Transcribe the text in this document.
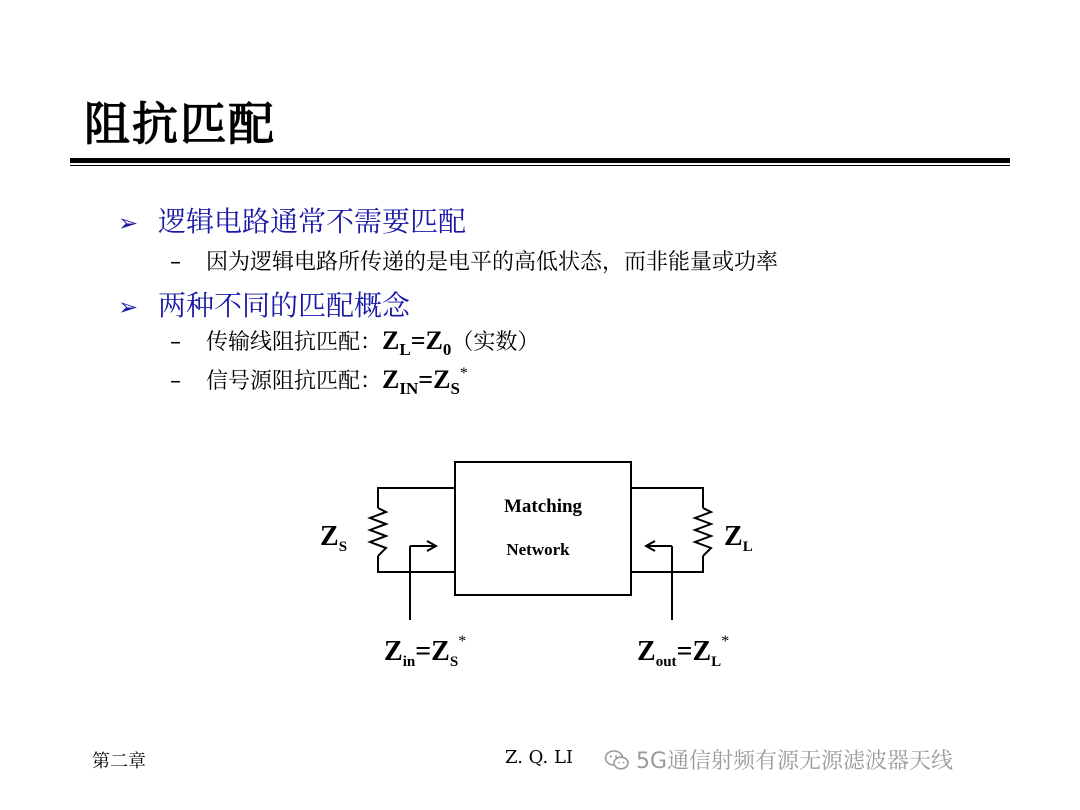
阻抗匹配
➢ 逻辑电路通常不需要匹配
– 因为逻辑电路所传递的是电平的高低状态，而非能量或功率
➢ 两种不同的匹配概念
– 传输线阻抗匹配：$Z_L=Z_0$（实数）
– 信号源阻抗匹配：$Z_{IN}=Z_S^*$
Matching
Network
$Z_S$	$Z_L$
$Z_{in}=Z_S^*$	$Z_{out}=Z_L^*$
第二章	Z. Q. LI	5G通信射频有源无源滤波器天线
